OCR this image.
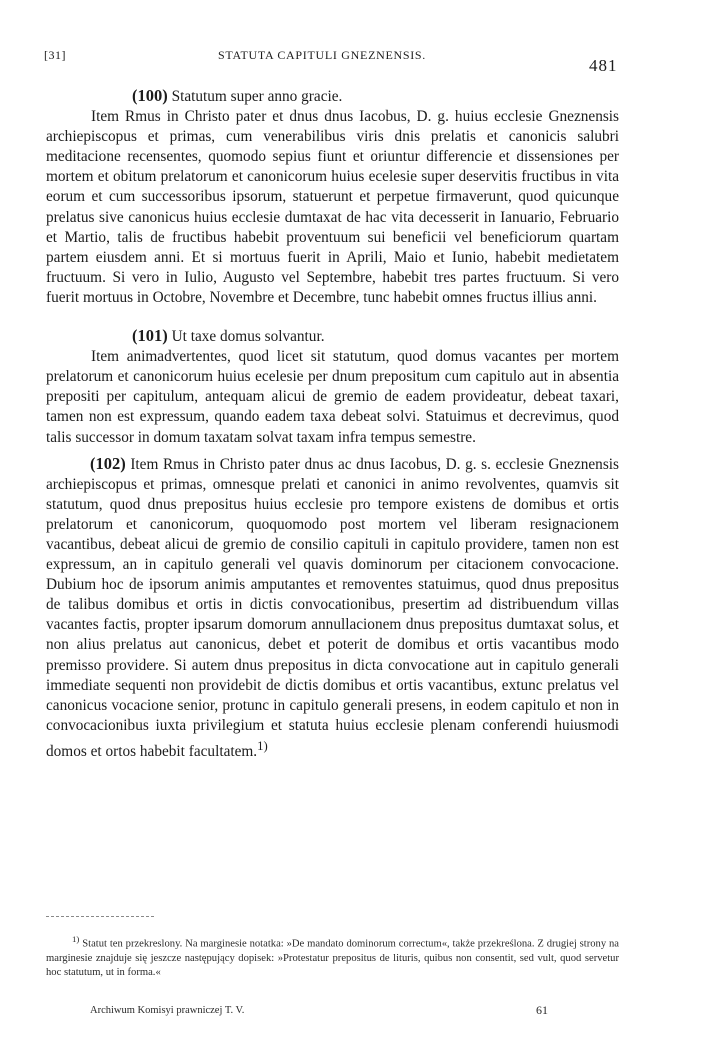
[31]	STATUTA CAPITULI GNEZNENSIS.
481

(100) Statutum super anno gracie.

Item Rmus in Christo pater et dnus dnus Iacobus, D. g. huius ecclesie Gneznensis archiepiscopus et primas, cum venerabilibus viris dnis prelatis et canonicis salubri meditacione recensentes, quomodo sepius fiunt et oriuntur differencie et dissensiones per mortem et obitum prelatorum et canonicorum huius ecelesie super deservitis fructibus in vita eorum et cum successoribus ipsorum, statuerunt et perpetue firmaverunt, quod quicunque prelatus sive canonicus huius ecclesie dumtaxat de hac vita decesserit in Ianuario, Februario et Martio, talis de fructibus habebit proventuum sui beneficii vel beneficiorum quartam partem eiusdem anni. Et si mortuus fuerit in Aprili, Maio et Iunio, habebit medietatem fructuum. Si vero in Iulio, Augusto vel Septembre, habebit tres partes fructuum. Si vero fuerit mortuus in Octobre, Novembre et Decembre, tunc habebit omnes fructus illius anni.

(101) Ut taxe domus solvantur.

Item animadvertentes, quod licet sit statutum, quod domus vacantes per mortem prelatorum et canonicorum huius ecelesie per dnum prepositum cum capitulo aut in absentia prepositi per capitulum, antequam alicui de gremio de eadem provideatur, debeat taxari, tamen non est expressum, quando eadem taxa debeat solvi. Statuimus et decrevimus, quod talis successor in domum taxatam solvat taxam infra tempus semestre.

(102) Item Rmus in Christo pater dnus ac dnus Iacobus, D. g. s. ecclesie Gneznensis archiepiscopus et primas, omnesque prelati et canonici in animo revolventes, quamvis sit statutum, quod dnus prepositus huius ecclesie pro tempore existens de domibus et ortis prelatorum et canonicorum, quoquomodo post mortem vel liberam resignacionem vacantibus, debeat alicui de gremio de consilio capituli in capitulo providere, tamen non est expressum, an in capitulo generali vel quavis dominorum per citacionem convocacione. Dubium hoc de ipsorum animis amputantes et removentes statuimus, quod dnus prepositus de talibus domibus et ortis in dictis convocationibus, presertim ad distribuendum villas vacantes factis, propter ipsarum domorum annullacionem dnus prepositus dumtaxat solus, et non alius prelatus aut canonicus, debet et poterit de domibus et ortis vacantibus modo premisso providere. Si autem dnus prepositus in dicta convocatione aut in capitulo generali immediate sequenti non providebit de dictis domibus et ortis vacantibus, extunc prelatus vel canonicus vocacione senior, protunc in capitulo generali presens, in eodem capitulo et non in convocacionibus iuxta privilegium et statuta huius ecclesie plenam conferendi huiusmodi domos et ortos habebit facultatem.$^{1)}$

$^{1)}$ Statut ten przekreslony. Na marginesie notatka: »De mandato dominorum correctum«, także przekreślona. Z drugiej strony na marginesie znajduje się jeszcze następujący dopisek: »Protestatur prepositus de lituris, quibus non consentit, sed vult, quod servetur hoc statutum, ut in forma.«

Archiwum Komisyi prawniczej T. V.	61
